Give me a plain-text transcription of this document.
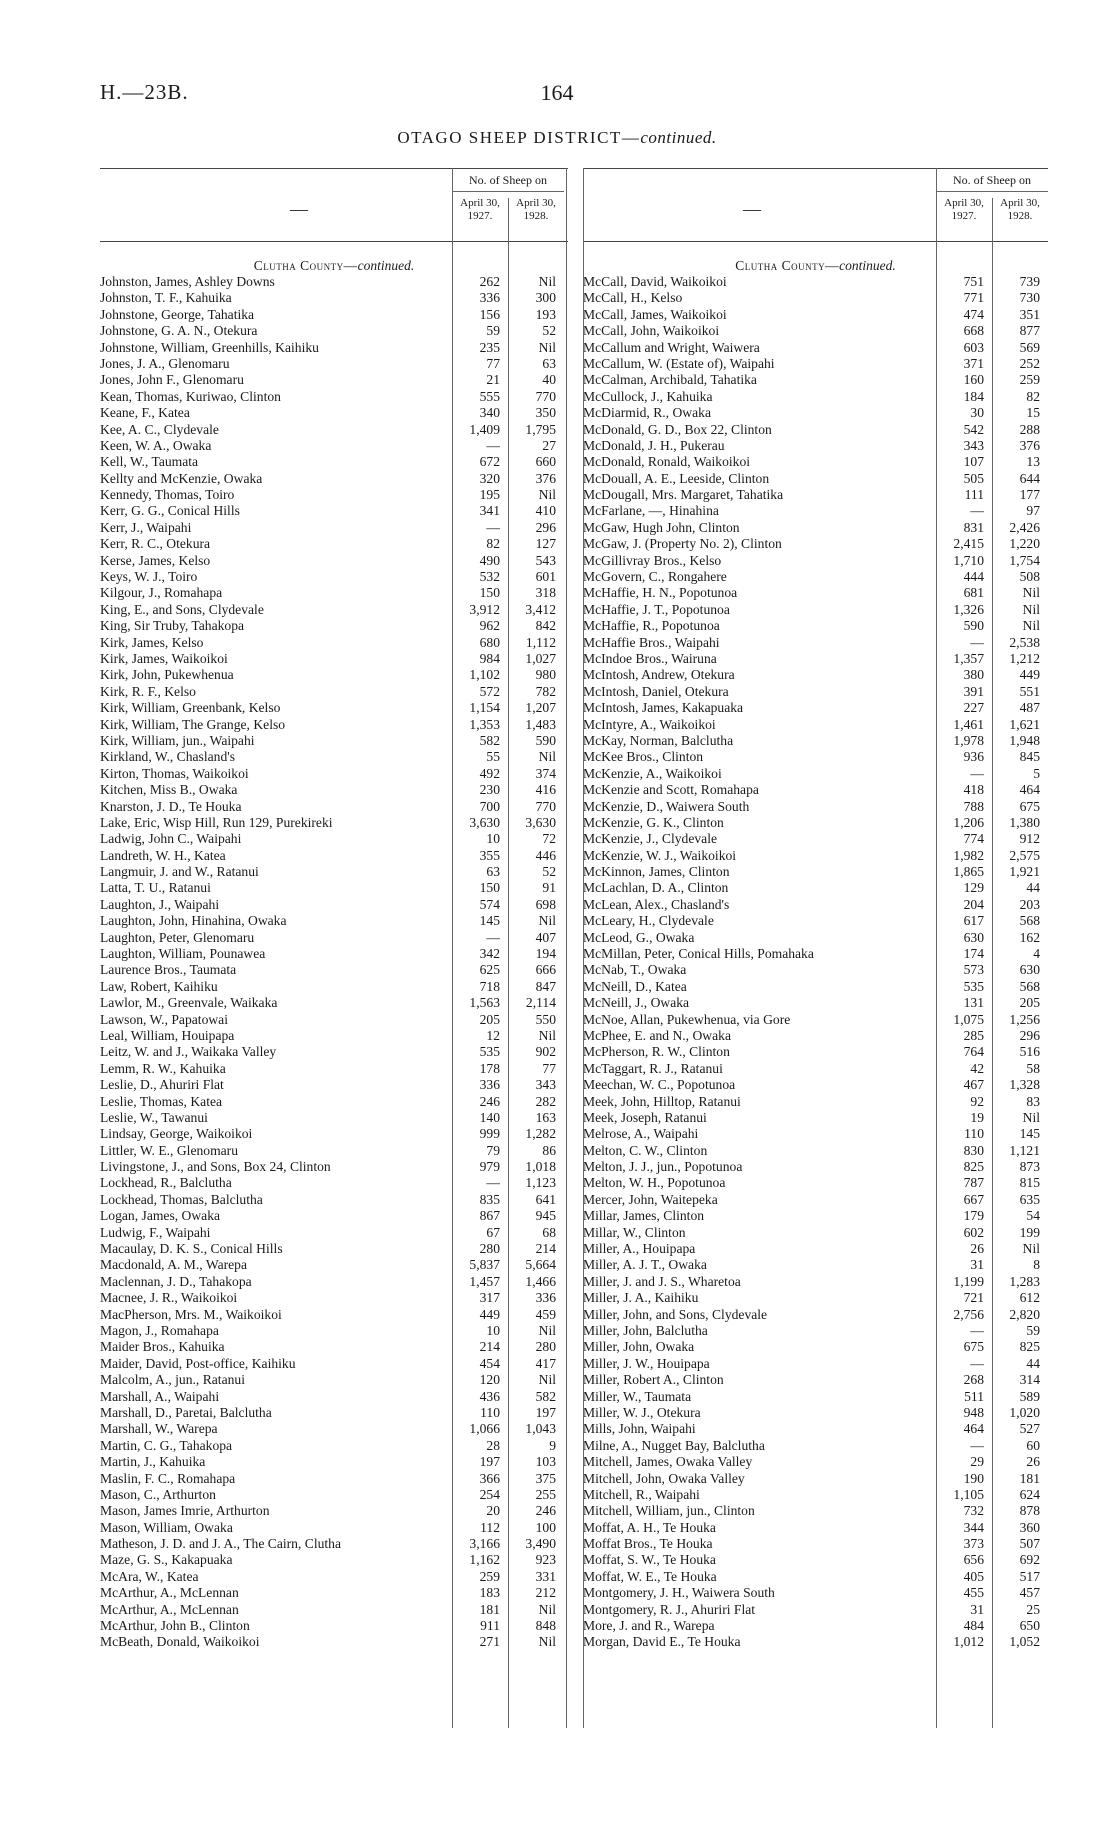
H.—23B.	164
OTAGO SHEEP DISTRICT—continued.
—
No. of Sheep on
April 30,
1927.
April 30,
1928.
Clutha County—continued.
Johnston, James, Ashley Downs	262	Nil
Johnston, T. F., Kahuika	336	300
Johnstone, George, Tahatika	156	193
Johnstone, G. A. N., Otekura	59	52
Johnstone, William, Greenhills, Kaihiku	235	Nil
Jones, J. A., Glenomaru	77	63
Jones, John F., Glenomaru	21	40
Kean, Thomas, Kuriwao, Clinton	555	770
Keane, F., Katea	340	350
Kee, A. C., Clydevale	1,409	1,795
Keen, W. A., Owaka	—	27
Kell, W., Taumata	672	660
Kellty and McKenzie, Owaka	320	376
Kennedy, Thomas, Toiro	195	Nil
Kerr, G. G., Conical Hills	341	410
Kerr, J., Waipahi	—	296
Kerr, R. C., Otekura	82	127
Kerse, James, Kelso	490	543
Keys, W. J., Toiro	532	601
Kilgour, J., Romahapa	150	318
King, E., and Sons, Clydevale	3,912	3,412
King, Sir Truby, Tahakopa	962	842
Kirk, James, Kelso	680	1,112
Kirk, James, Waikoikoi	984	1,027
Kirk, John, Pukewhenua	1,102	980
Kirk, R. F., Kelso	572	782
Kirk, William, Greenbank, Kelso	1,154	1,207
Kirk, William, The Grange, Kelso	1,353	1,483
Kirk, William, jun., Waipahi	582	590
Kirkland, W., Chasland's	55	Nil
Kirton, Thomas, Waikoikoi	492	374
Kitchen, Miss B., Owaka	230	416
Knarston, J. D., Te Houka	700	770
Lake, Eric, Wisp Hill, Run 129, Purekireki	3,630	3,630
Ladwig, John C., Waipahi	10	72
Landreth, W. H., Katea	355	446
Langmuir, J. and W., Ratanui	63	52
Latta, T. U., Ratanui	150	91
Laughton, J., Waipahi	574	698
Laughton, John, Hinahina, Owaka	145	Nil
Laughton, Peter, Glenomaru	—	407
Laughton, William, Pounawea	342	194
Laurence Bros., Taumata	625	666
Law, Robert, Kaihiku	718	847
Lawlor, M., Greenvale, Waikaka	1,563	2,114
Lawson, W., Papatowai	205	550
Leal, William, Houipapa	12	Nil
Leitz, W. and J., Waikaka Valley	535	902
Lemm, R. W., Kahuika	178	77
Leslie, D., Ahuriri Flat	336	343
Leslie, Thomas, Katea	246	282
Leslie, W., Tawanui	140	163
Lindsay, George, Waikoikoi	999	1,282
Littler, W. E., Glenomaru	79	86
Livingstone, J., and Sons, Box 24, Clinton	979	1,018
Lockhead, R., Balclutha	—	1,123
Lockhead, Thomas, Balclutha	835	641
Logan, James, Owaka	867	945
Ludwig, F., Waipahi	67	68
Macaulay, D. K. S., Conical Hills	280	214
Macdonald, A. M., Warepa	5,837	5,664
Maclennan, J. D., Tahakopa	1,457	1,466
Macnee, J. R., Waikoikoi	317	336
MacPherson, Mrs. M., Waikoikoi	449	459
Magon, J., Romahapa	10	Nil
Maider Bros., Kahuika	214	280
Maider, David, Post-office, Kaihiku	454	417
Malcolm, A., jun., Ratanui	120	Nil
Marshall, A., Waipahi	436	582
Marshall, D., Paretai, Balclutha	110	197
Marshall, W., Warepa	1,066	1,043
Martin, C. G., Tahakopa	28	9
Martin, J., Kahuika	197	103
Maslin, F. C., Romahapa	366	375
Mason, C., Arthurton	254	255
Mason, James Imrie, Arthurton	20	246
Mason, William, Owaka	112	100
Matheson, J. D. and J. A., The Cairn, Clutha	3,166	3,490
Maze, G. S., Kakapuaka	1,162	923
McAra, W., Katea	259	331
McArthur, A., McLennan	183	212
McArthur, A., McLennan	181	Nil
McArthur, John B., Clinton	911	848
McBeath, Donald, Waikoikoi	271	Nil
—
No. of Sheep on
April 30,
1927.
April 30,
1928.
Clutha County—continued.
McCall, David, Waikoikoi	751	739
McCall, H., Kelso	771	730
McCall, James, Waikoikoi	474	351
McCall, John, Waikoikoi	668	877
McCallum and Wright, Waiwera	603	569
McCallum, W. (Estate of), Waipahi	371	252
McCalman, Archibald, Tahatika	160	259
McCullock, J., Kahuika	184	82
McDiarmid, R., Owaka	30	15
McDonald, G. D., Box 22, Clinton	542	288
McDonald, J. H., Pukerau	343	376
McDonald, Ronald, Waikoikoi	107	13
McDouall, A. E., Leeside, Clinton	505	644
McDougall, Mrs. Margaret, Tahatika	111	177
McFarlane, —, Hinahina	—	97
McGaw, Hugh John, Clinton	831	2,426
McGaw, J. (Property No. 2), Clinton	2,415	1,220
McGillivray Bros., Kelso	1,710	1,754
McGovern, C., Rongahere	444	508
McHaffie, H. N., Popotunoa	681	Nil
McHaffie, J. T., Popotunoa	1,326	Nil
McHaffie, R., Popotunoa	590	Nil
McHaffie Bros., Waipahi	—	2,538
McIndoe Bros., Wairuna	1,357	1,212
McIntosh, Andrew, Otekura	380	449
McIntosh, Daniel, Otekura	391	551
McIntosh, James, Kakapuaka	227	487
McIntyre, A., Waikoikoi	1,461	1,621
McKay, Norman, Balclutha	1,978	1,948
McKee Bros., Clinton	936	845
McKenzie, A., Waikoikoi	—	5
McKenzie and Scott, Romahapa	418	464
McKenzie, D., Waiwera South	788	675
McKenzie, G. K., Clinton	1,206	1,380
McKenzie, J., Clydevale	774	912
McKenzie, W. J., Waikoikoi	1,982	2,575
McKinnon, James, Clinton	1,865	1,921
McLachlan, D. A., Clinton	129	44
McLean, Alex., Chasland's	204	203
McLeary, H., Clydevale	617	568
McLeod, G., Owaka	630	162
McMillan, Peter, Conical Hills, Pomahaka	174	4
McNab, T., Owaka	573	630
McNeill, D., Katea	535	568
McNeill, J., Owaka	131	205
McNoe, Allan, Pukewhenua, via Gore	1,075	1,256
McPhee, E. and N., Owaka	285	296
McPherson, R. W., Clinton	764	516
McTaggart, R. J., Ratanui	42	58
Meechan, W. C., Popotunoa	467	1,328
Meek, John, Hilltop, Ratanui	92	83
Meek, Joseph, Ratanui	19	Nil
Melrose, A., Waipahi	110	145
Melton, C. W., Clinton	830	1,121
Melton, J. J., jun., Popotunoa	825	873
Melton, W. H., Popotunoa	787	815
Mercer, John, Waitepeka	667	635
Millar, James, Clinton	179	54
Millar, W., Clinton	602	199
Miller, A., Houipapa	26	Nil
Miller, A. J. T., Owaka	31	8
Miller, J. and J. S., Wharetoa	1,199	1,283
Miller, J. A., Kaihiku	721	612
Miller, John, and Sons, Clydevale	2,756	2,820
Miller, John, Balclutha	—	59
Miller, John, Owaka	675	825
Miller, J. W., Houipapa	—	44
Miller, Robert A., Clinton	268	314
Miller, W., Taumata	511	589
Miller, W. J., Otekura	948	1,020
Mills, John, Waipahi	464	527
Milne, A., Nugget Bay, Balclutha	—	60
Mitchell, James, Owaka Valley	29	26
Mitchell, John, Owaka Valley	190	181
Mitchell, R., Waipahi	1,105	624
Mitchell, William, jun., Clinton	732	878
Moffat, A. H., Te Houka	344	360
Moffat Bros., Te Houka	373	507
Moffat, S. W., Te Houka	656	692
Moffat, W. E., Te Houka	405	517
Montgomery, J. H., Waiwera South	455	457
Montgomery, R. J., Ahuriri Flat	31	25
More, J. and R., Warepa	484	650
Morgan, David E., Te Houka	1,012	1,052
